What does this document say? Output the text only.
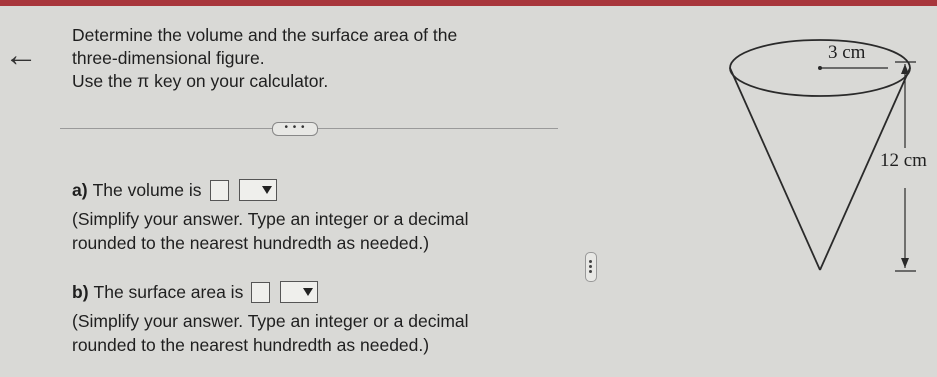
←
Determine the volume and the surface area of the
three-dimensional figure.
Use the π key on your calculator.
• • •
a) The volume is
(Simplify your answer. Type an integer or a decimal
rounded to the nearest hundredth as needed.)
b) The surface area is
(Simplify your answer. Type an integer or a decimal
rounded to the nearest hundredth as needed.)
3 cm
12 cm
